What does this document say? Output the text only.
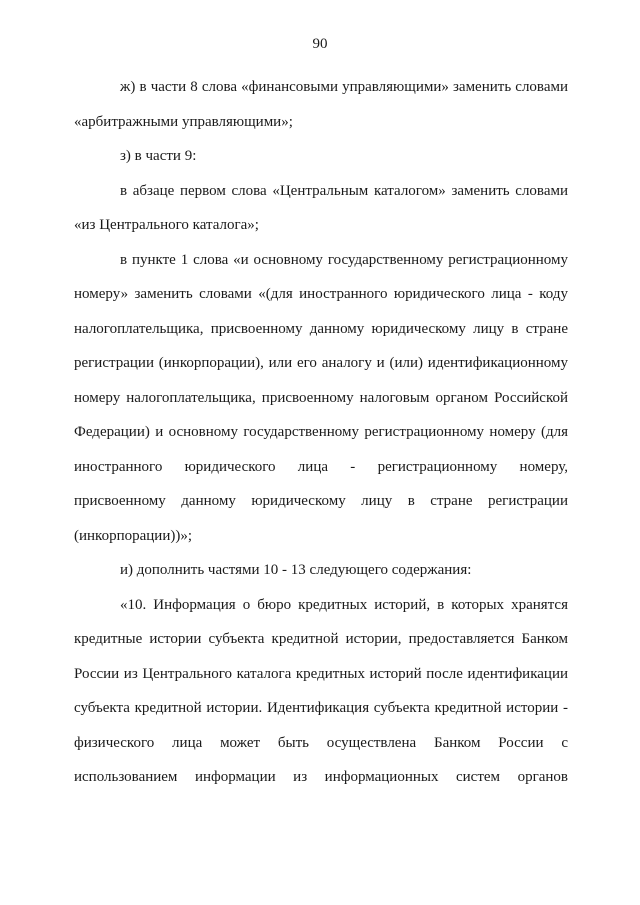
90

ж) в части 8 слова «финансовыми управляющими» заменить словами «арбитражными управляющими»;

з) в части 9:

в абзаце первом слова «Центральным каталогом» заменить словами «из Центрального каталога»;

в пункте 1 слова «и основному государственному регистрационному номеру» заменить словами «(для иностранного юридического лица - коду налогоплательщика, присвоенному данному юридическому лицу в стране регистрации (инкорпорации), или его аналогу и (или) идентификационному номеру налогоплательщика, присвоенному налоговым органом Российской Федерации) и основному государственному регистрационному номеру (для иностранного юридического лица - регистрационному номеру, присвоенному данному юридическому лицу в стране регистрации (инкорпорации))»;

и) дополнить частями 10 - 13 следующего содержания:

«10. Информация о бюро кредитных историй, в которых хранятся кредитные истории субъекта кредитной истории, предоставляется Банком России из Центрального каталога кредитных историй после идентификации субъекта кредитной истории. Идентификация субъекта кредитной истории - физического лица может быть осуществлена Банком России с использованием информации из информационных систем органов
